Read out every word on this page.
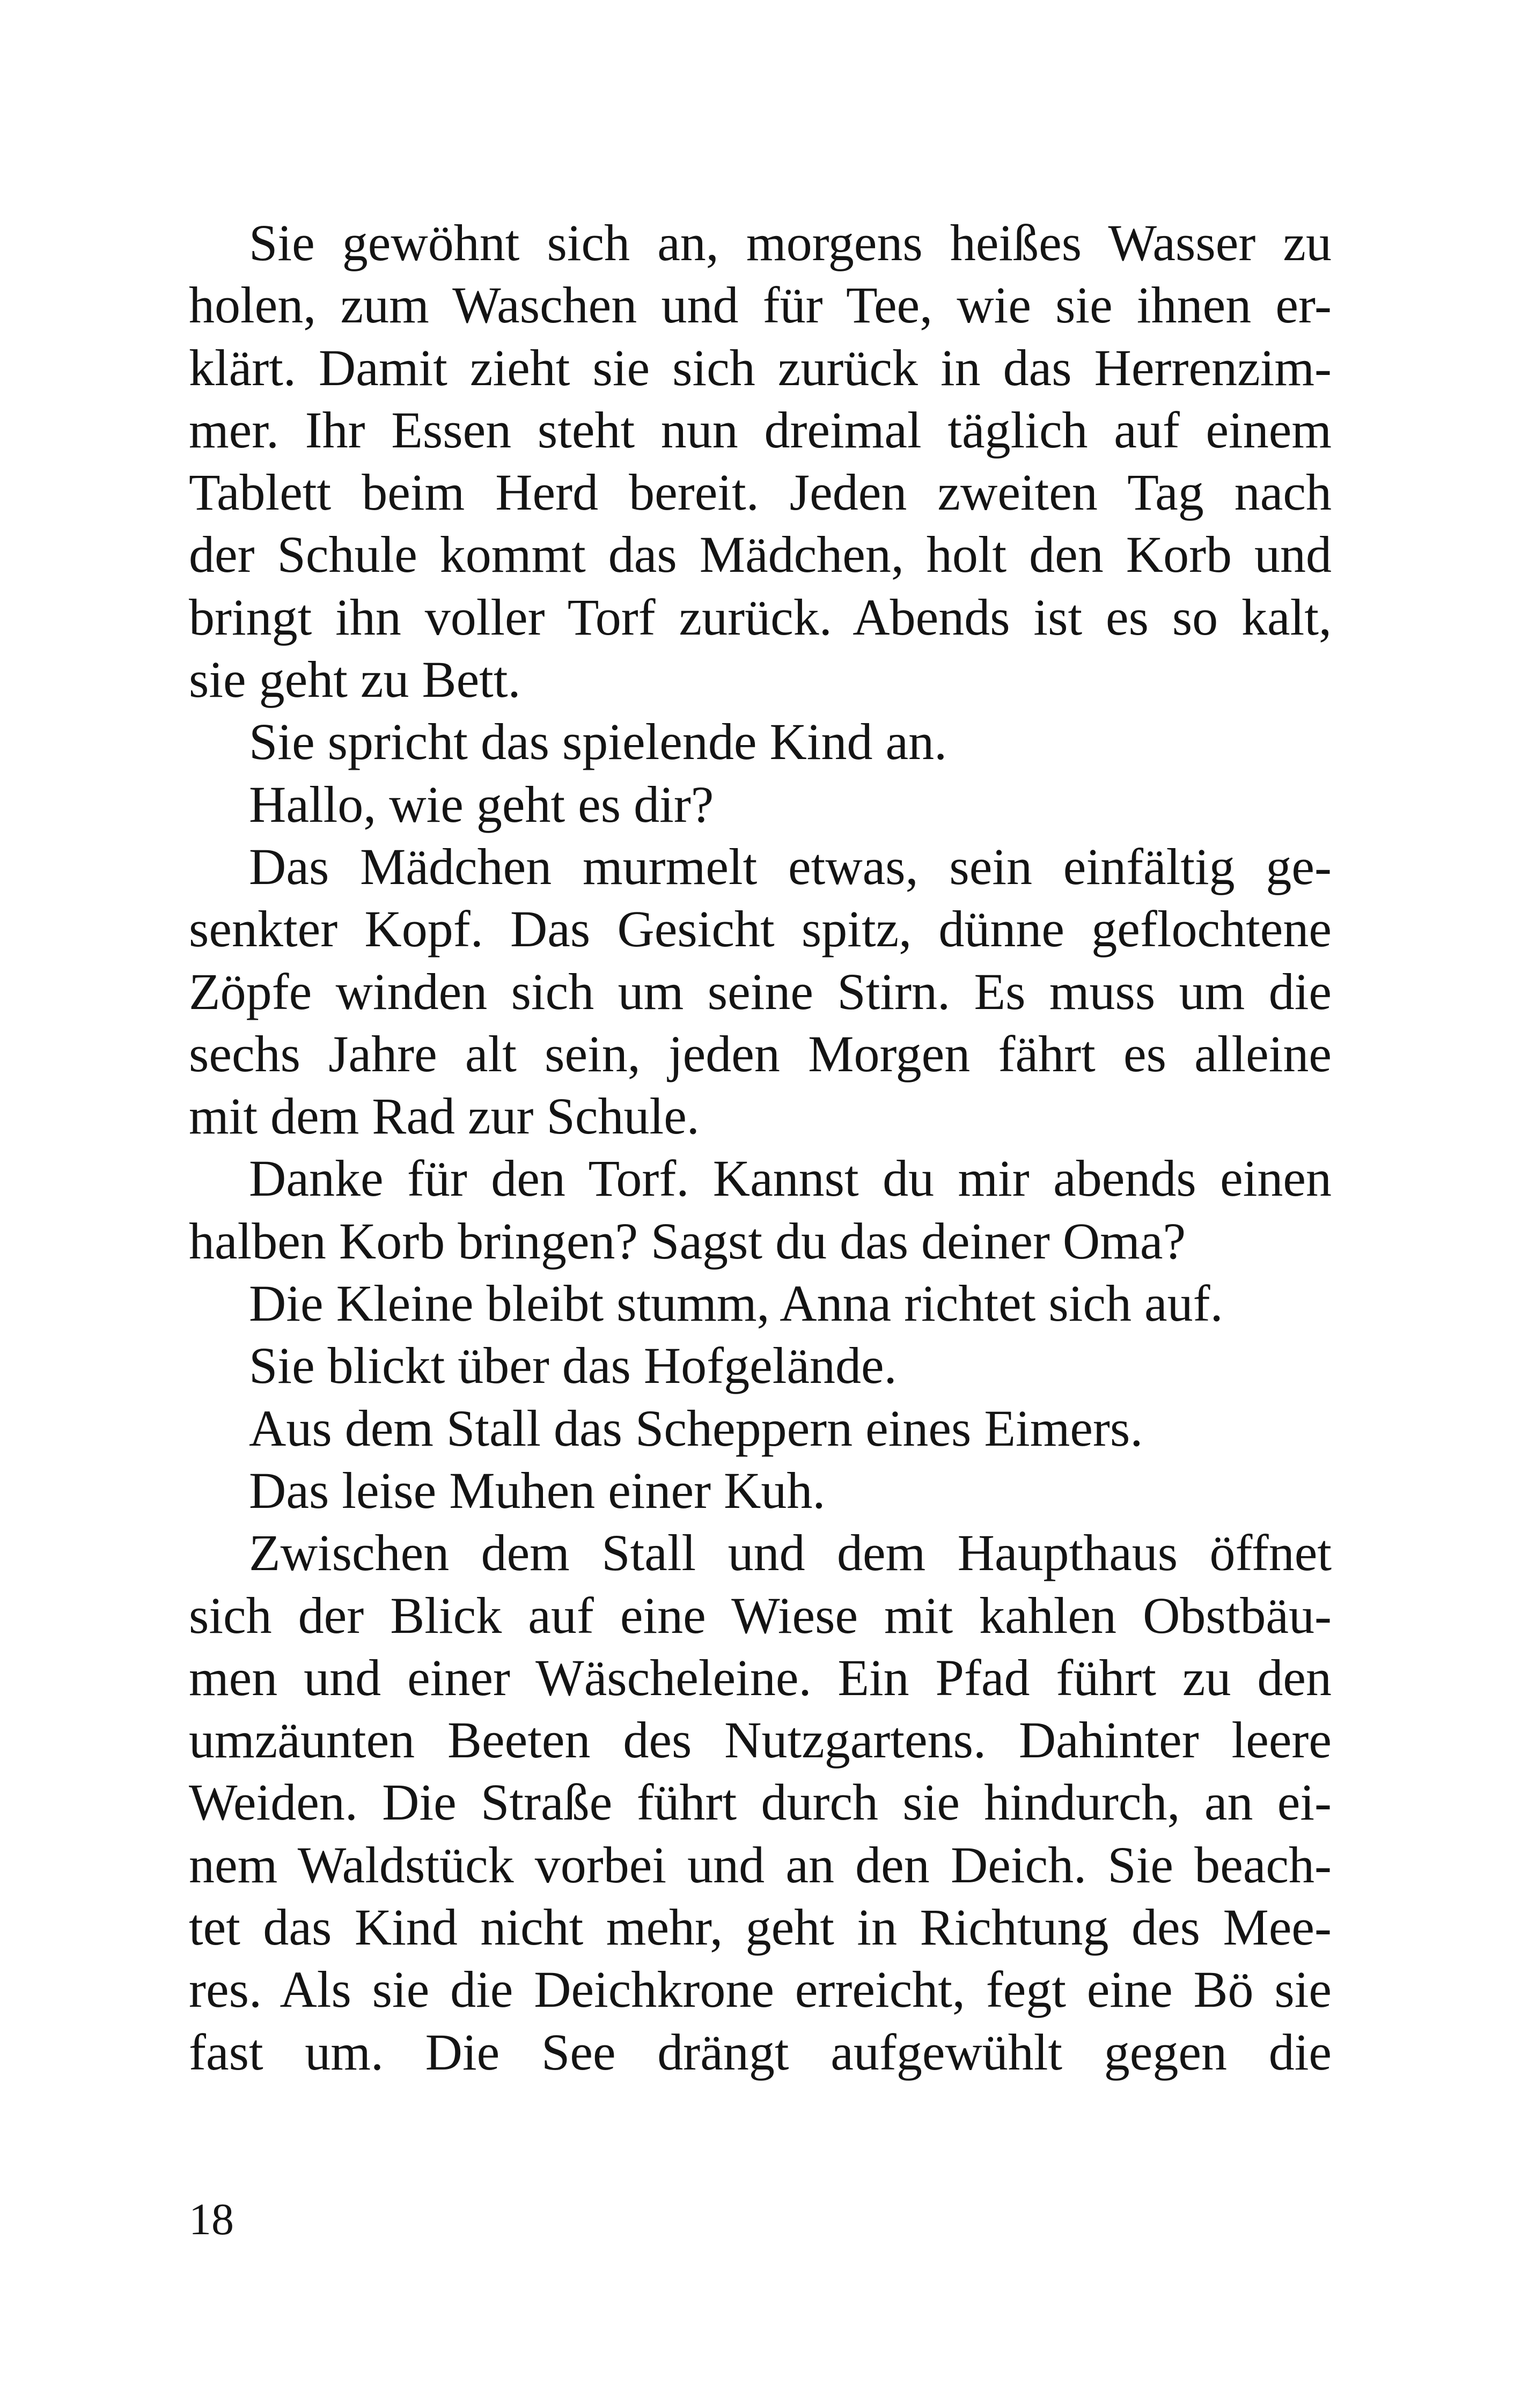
Sie gewöhnt sich an, morgens heißes Wasser zu
holen, zum Waschen und für Tee, wie sie ihnen er-
klärt. Damit zieht sie sich zurück in das Herrenzim-
mer. Ihr Essen steht nun dreimal täglich auf einem
Tablett beim Herd bereit. Jeden zweiten Tag nach
der Schule kommt das Mädchen, holt den Korb und
bringt ihn voller Torf zurück. Abends ist es so kalt,
sie geht zu Bett.
Sie spricht das spielende Kind an.
Hallo, wie geht es dir?
Das Mädchen murmelt etwas, sein einfältig ge-
senkter Kopf. Das Gesicht spitz, dünne geflochtene
Zöpfe winden sich um seine Stirn. Es muss um die
sechs Jahre alt sein, jeden Morgen fährt es alleine
mit dem Rad zur Schule.
Danke für den Torf. Kannst du mir abends einen
halben Korb bringen? Sagst du das deiner Oma?
Die Kleine bleibt stumm, Anna richtet sich auf.
Sie blickt über das Hofgelände.
Aus dem Stall das Scheppern eines Eimers.
Das leise Muhen einer Kuh.
Zwischen dem Stall und dem Haupthaus öffnet
sich der Blick auf eine Wiese mit kahlen Obstbäu-
men und einer Wäscheleine. Ein Pfad führt zu den
umzäunten Beeten des Nutzgartens. Dahinter leere
Weiden. Die Straße führt durch sie hindurch, an ei-
nem Waldstück vorbei und an den Deich. Sie beach-
tet das Kind nicht mehr, geht in Richtung des Mee-
res. Als sie die Deichkrone erreicht, fegt eine Bö sie
fast um. Die See drängt aufgewühlt gegen die
18
